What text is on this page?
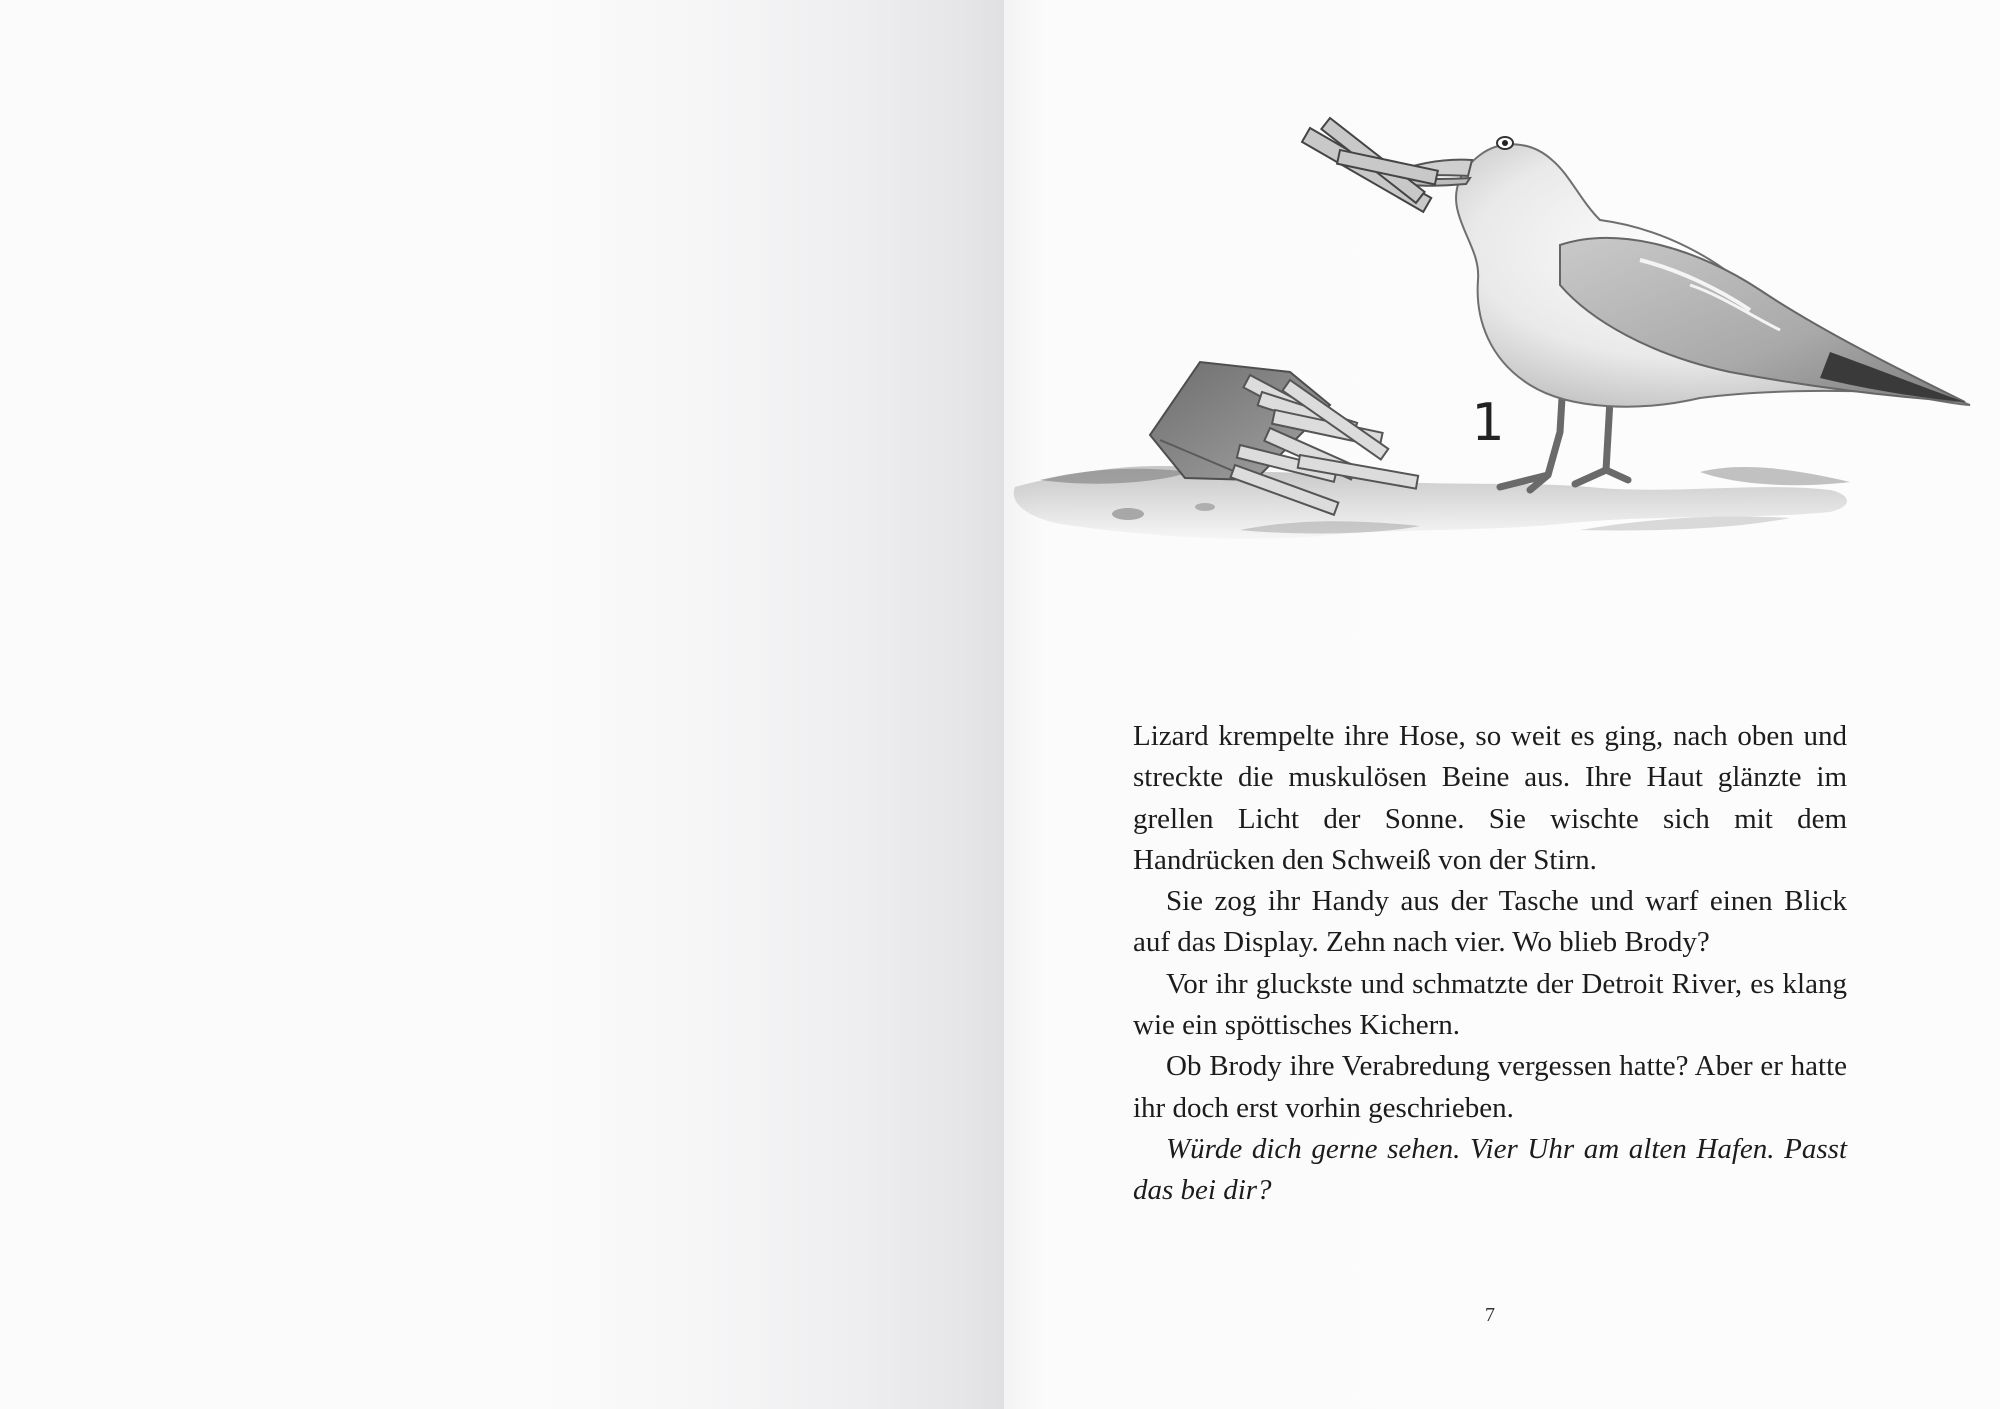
1

Lizard krempelte ihre Hose, so weit es ging, nach oben und streckte die muskulösen Beine aus. Ihre Haut glänzte im grellen Licht der Sonne. Sie wischte sich mit dem Handrücken den Schweiß von der Stirn.

Sie zog ihr Handy aus der Tasche und warf einen Blick auf das Display. Zehn nach vier. Wo blieb Brody?

Vor ihr gluckste und schmatzte der Detroit River, es klang wie ein spöttisches Kichern.

Ob Brody ihre Verabredung vergessen hatte? Aber er hatte ihr doch erst vorhin geschrieben.

Würde dich gerne sehen. Vier Uhr am alten Hafen. Passt das bei dir?

7
